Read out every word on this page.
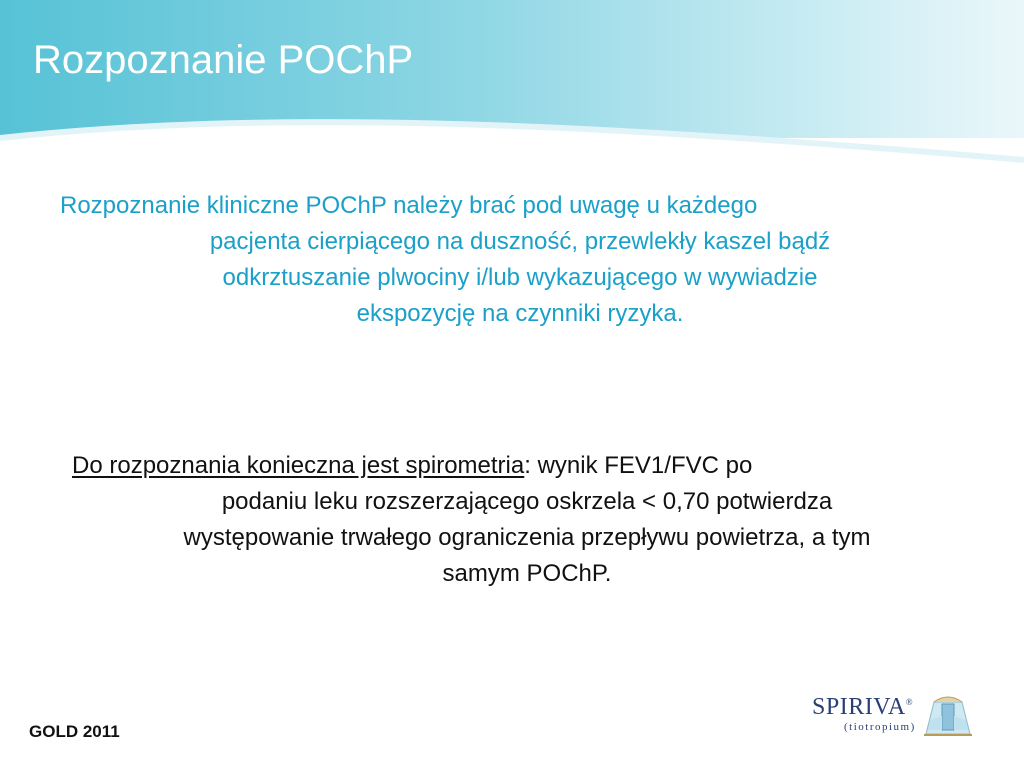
Rozpoznanie POChP

Rozpoznanie kliniczne POChP należy brać pod uwagę u każdego
pacjenta cierpiącego na duszność, przewlekły kaszel bądź
odkrztuszanie plwociny i/lub wykazującego w wywiadzie
ekspozycję na czynniki ryzyka.

Do rozpoznania konieczna jest spirometria: wynik FEV1/FVC po
podaniu leku rozszerzającego oskrzela < 0,70 potwierdza
występowanie trwałego ograniczenia przepływu powietrza, a tym
samym POChP.

GOLD 2011

SPIRIVA®
(tiotropium)
